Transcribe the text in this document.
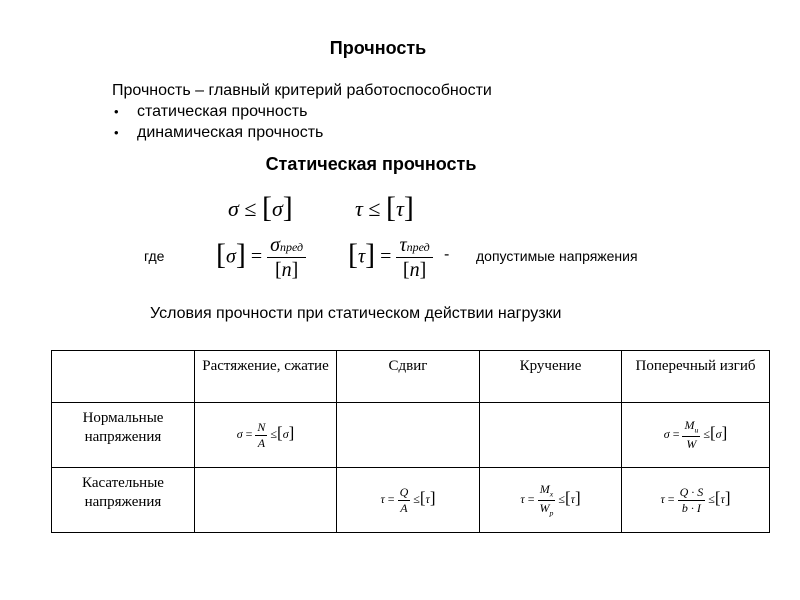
Прочность
Прочность – главный критерий работоспособности
• статическая прочность
• динамическая прочность
Статическая прочность
σ ≤ [σ]	τ ≤ [τ]
где $[\sigma] = \frac{\text{σпред}}{[n]} [\tau] = \frac{\text{τпред}}{[n]}$ - допустимые напряжения
Условия прочности при статическом действии нагрузки
	Растяжение, сжатие	Сдвиг	Кручение	Поперечный изгиб
Нормальные напряжения	$\sigma = \frac{N}{A} \le[\sigma]$			$\sigma = \frac{M_u}{W} \le[\sigma]$
Касательные напряжения		$\tau = \frac{Q}{A} \le[\tau]$	$\tau = \frac{M_x}{W_p} \le[\tau]$	$\tau = \frac{Q \cdot S}{b \cdot I} \le[\tau]$
